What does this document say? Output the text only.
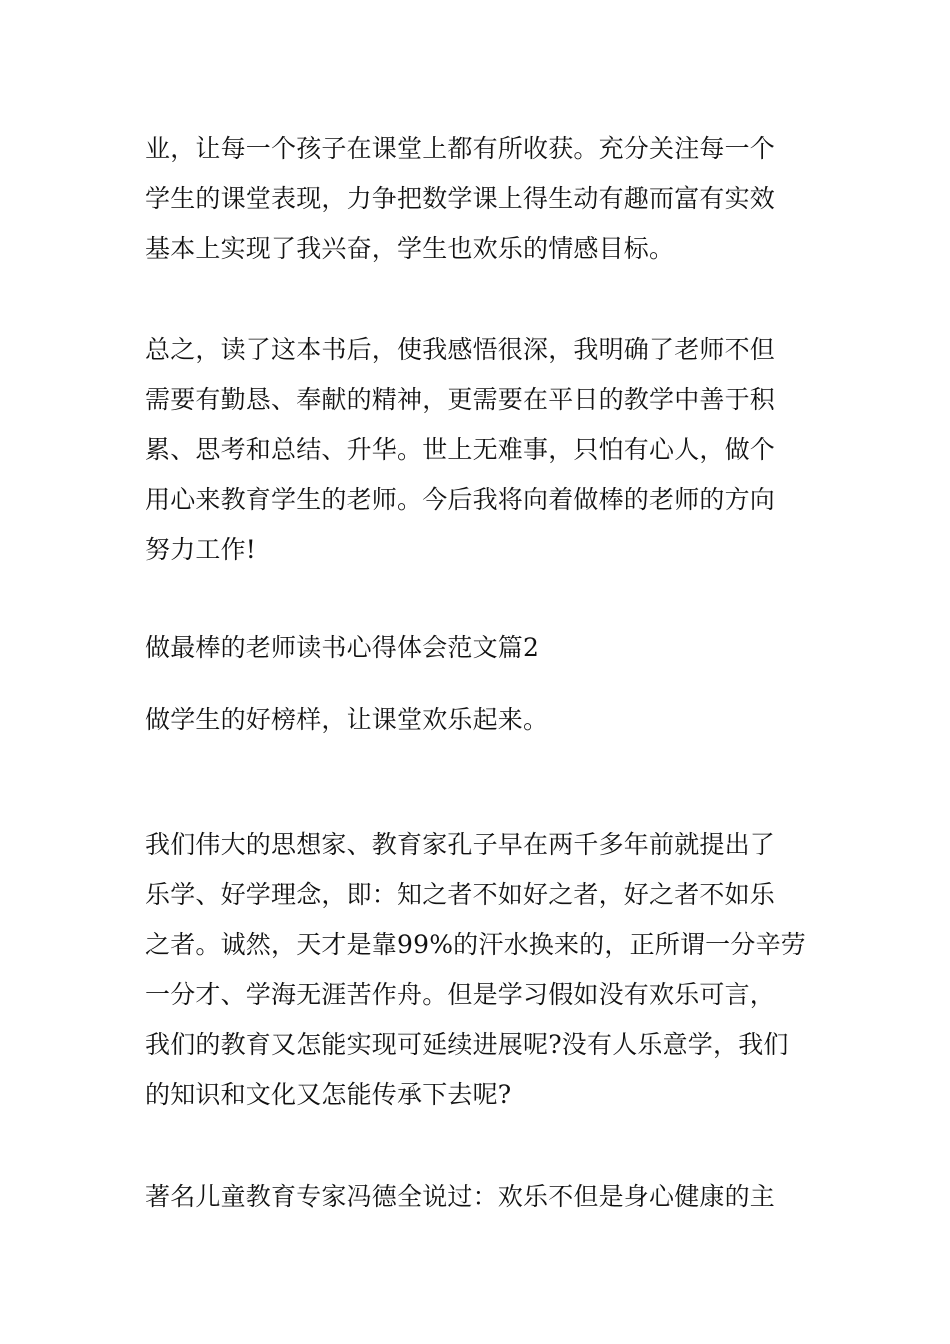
业，让每一个孩子在课堂上都有所收获。充分关注每一个
学生的课堂表现，力争把数学课上得生动有趣而富有实效
基本上实现了我兴奋，学生也欢乐的情感目标。
总之，读了这本书后，使我感悟很深，我明确了老师不但
需要有勤恳、奉献的精神，更需要在平日的教学中善于积
累、思考和总结、升华。世上无难事，只怕有心人，做个
用心来教育学生的老师。今后我将向着做棒的老师的方向
努力工作!
做最棒的老师读书心得体会范文篇2
做学生的好榜样，让课堂欢乐起来。
我们伟大的思想家、教育家孔子早在两千多年前就提出了
乐学、好学理念，即：知之者不如好之者，好之者不如乐
之者。诚然，天才是靠99%的汗水换来的，正所谓一分辛劳
一分才、学海无涯苦作舟。但是学习假如没有欢乐可言，
我们的教育又怎能实现可延续进展呢?没有人乐意学，我们
的知识和文化又怎能传承下去呢?
著名儿童教育专家冯德全说过：欢乐不但是身心健康的主
